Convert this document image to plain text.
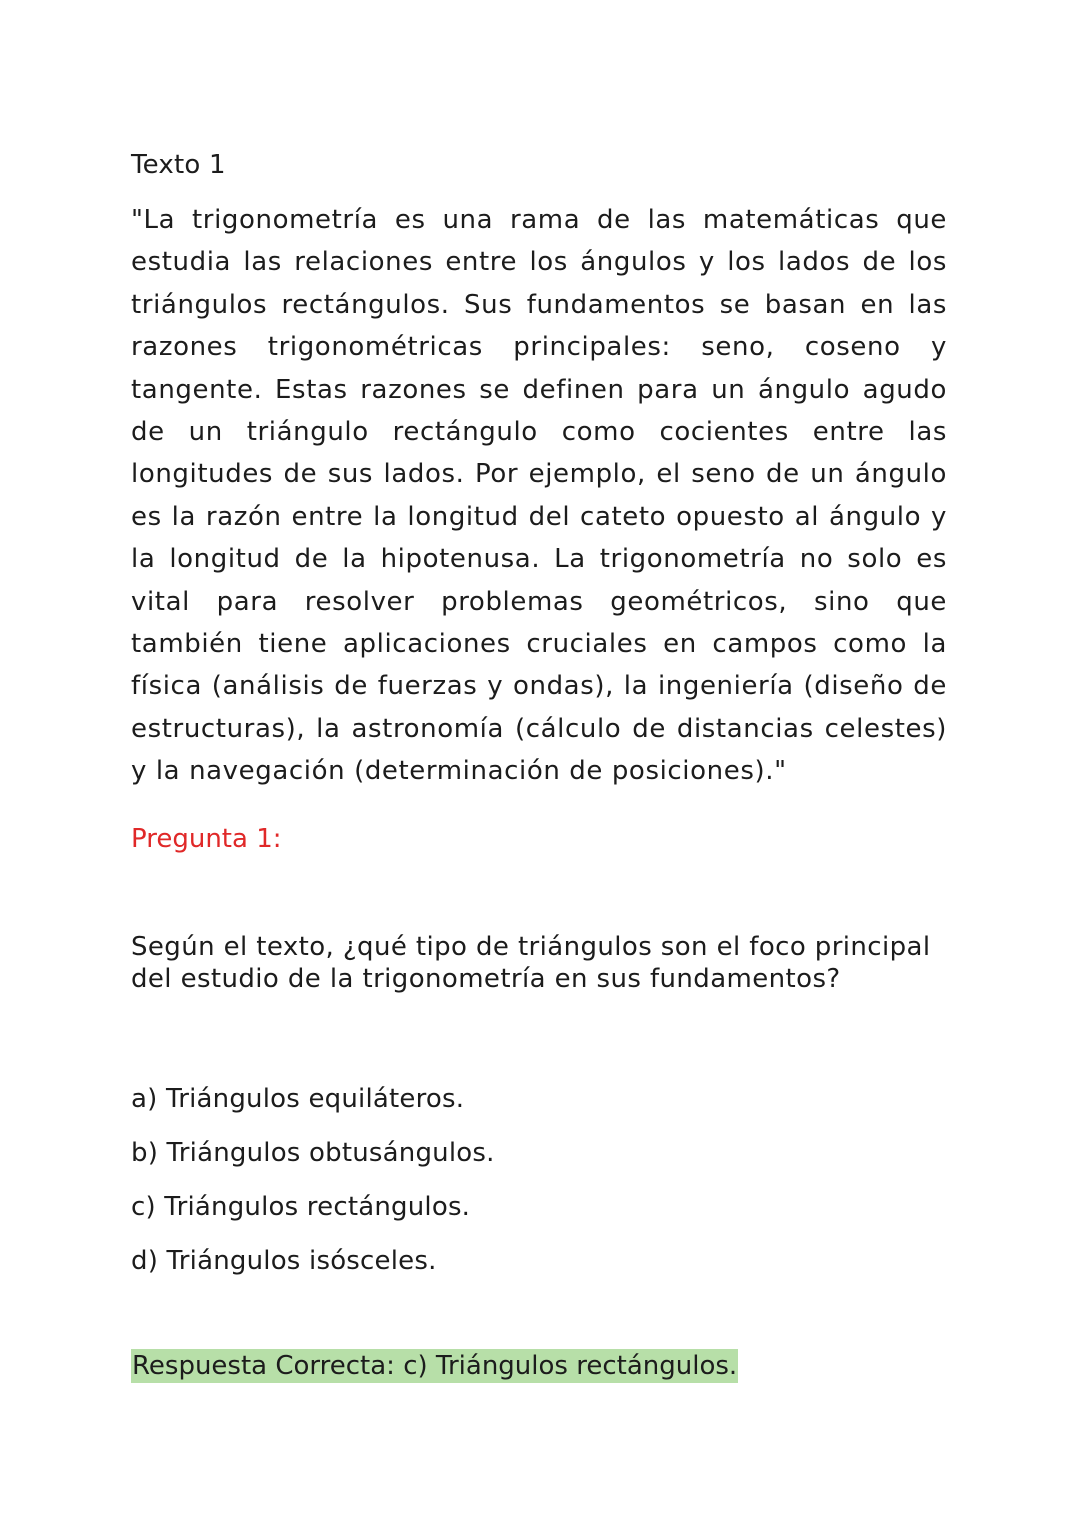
Texto 1

"La trigonometría es una rama de las matemáticas que estudia las relaciones entre los ángulos y los lados de los triángulos rectángulos. Sus fundamentos se basan en las razones trigonométricas principales: seno, coseno y tangente. Estas razones se definen para un ángulo agudo de un triángulo rectángulo como cocientes entre las longitudes de sus lados. Por ejemplo, el seno de un ángulo es la razón entre la longitud del cateto opuesto al ángulo y la longitud de la hipotenusa. La trigonometría no solo es vital para resolver problemas geométricos, sino que también tiene aplicaciones cruciales en campos como la física (análisis de fuerzas y ondas), la ingeniería (diseño de estructuras), la astronomía (cálculo de distancias celestes) y la navegación (determinación de posiciones)."

Pregunta 1:

Según el texto, ¿qué tipo de triángulos son el foco principal del estudio de la trigonometría en sus fundamentos?

a) Triángulos equiláteros.
b) Triángulos obtusángulos.
c) Triángulos rectángulos.
d) Triángulos isósceles.
Respuesta Correcta: c) Triángulos rectángulos.
